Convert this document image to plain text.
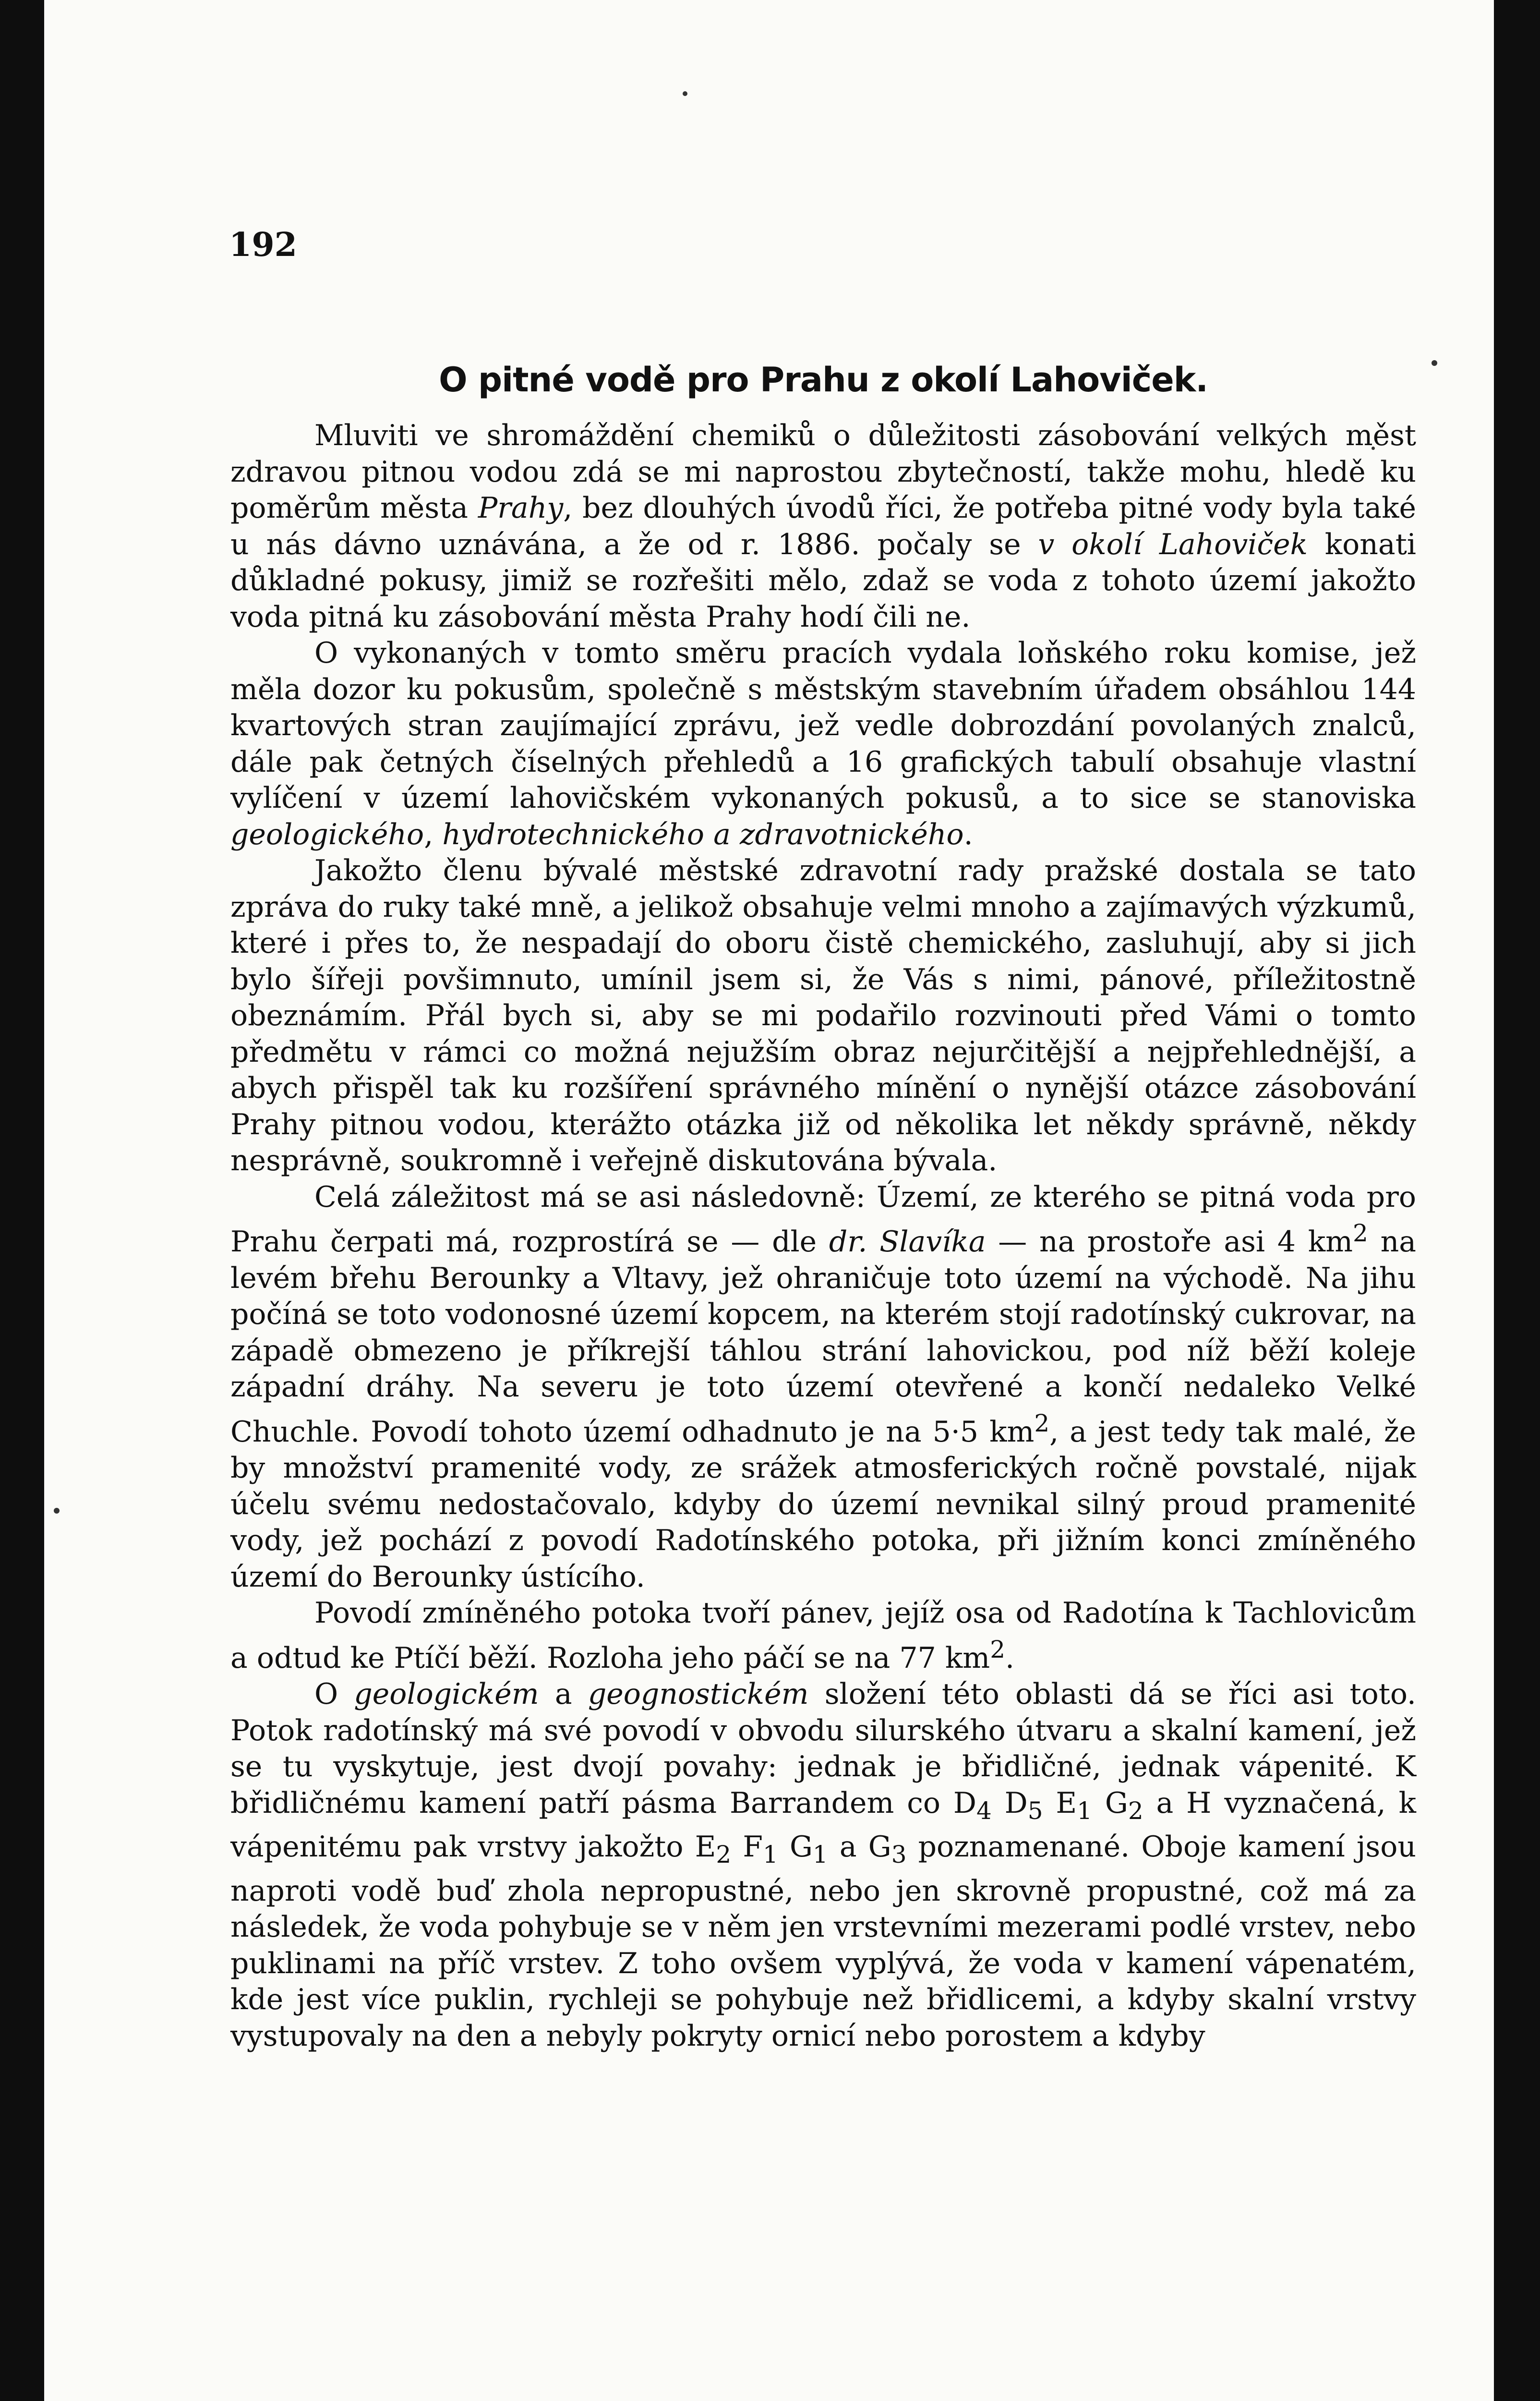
192
O pitné vodě pro Prahu z okolí Lahoviček.

Mluviti ve shromáždění chemiků o důležitosti zásobování velkých měst zdravou pitnou vodou zdá se mi naprostou zbytečností, takže mohu, hledě ku poměrům města Prahy, bez dlouhých úvodů říci, že potřeba pitné vody byla také u nás dávno uznávána, a že od r. 1886. počaly se v okolí Lahoviček konati důkladné pokusy, jimiž se rozřešiti mělo, zdaž se voda z tohoto území jakožto voda pitná ku zásobování města Prahy hodí čili ne.

O vykonaných v tomto směru pracích vydala loňského roku komise, jež měla dozor ku pokusům, společně s městským stavebním úřadem obsáhlou 144 kvartových stran zaujímající zprávu, jež vedle dobrozdání povolaných znalců, dále pak četných číselných přehledů a 16 grafických tabulí obsahuje vlastní vylíčení v území lahovičském vykonaných pokusů, a to sice se stanoviska geologického, hydrotechnického a zdravotnického.

Jakožto členu bývalé městské zdravotní rady pražské dostala se tato zpráva do ruky také mně, a jelikož obsahuje velmi mnoho a zajímavých výzkumů, které i přes to, že nespadají do oboru čistě chemického, zasluhují, aby si jich bylo šířeji povšimnuto, umínil jsem si, že Vás s nimi, pánové, příležitostně obeznámím. Přál bych si, aby se mi podařilo rozvinouti před Vámi o tomto předmětu v rámci co možná nejužším obraz nejurčitější a nejpřehlednější, a abych přispěl tak ku rozšíření správného mínění o nynější otázce zásobování Prahy pitnou vodou, kterážto otázka již od několika let někdy správně, někdy nesprávně, soukromně i veřejně diskutována bývala.

Celá záležitost má se asi následovně: Území, ze kterého se pitná voda pro Prahu čerpati má, rozprostírá se — dle dr. Slavíka — na prostoře asi 4 $km^2$ na levém břehu Berounky a Vltavy, jež ohraničuje toto území na východě. Na jihu počíná se toto vodonosné území kopcem, na kterém stojí radotínský cukrovar, na západě obmezeno je příkrejší táhlou strání lahovickou, pod níž běží koleje západní dráhy. Na severu je toto území otevřené a končí nedaleko Velké Chuchle. Povodí tohoto území odhadnuto je na 5·5 $km^2$, a jest tedy tak malé, že by množství pramenité vody, ze srážek atmosferických ročně povstalé, nijak účelu svému nedostačovalo, kdyby do území nevnikal silný proud pramenité vody, jež pochází z povodí Radotínského potoka, při jižním konci zmíněného území do Berounky ústícího.

Povodí zmíněného potoka tvoří pánev, jejíž osa od Radotína k Tachlovicům a odtud ke Ptíčí běží. Rozloha jeho páčí se na 77 $km^2$.

O geologickém a geognostickém složení této oblasti dá se říci asi toto. Potok radotínský má své povodí v obvodu silurského útvaru a skalní kamení, jež se tu vyskytuje, jest dvojí povahy: jednak je břidličné, jednak vápenité. K břidličnému kamení patří pásma Barrandem co $D_4$ $D_5$ $E_1$ $G_2$ a H vyznačená, k vápenitému pak vrstvy jakožto $E_2$ $F_1$ $G_1$ a $G_3$ poznamenané. Oboje kamení jsou naproti vodě buď zhola nepropustné, nebo jen skrovně propustné, což má za následek, že voda pohybuje se v něm jen vrstevními mezerami podlé vrstev, nebo puklinami na příč vrstev. Z toho ovšem vyplývá, že voda v kamení vápenatém, kde jest více puklin, rychleji se pohybuje než břidlicemi, a kdyby skalní vrstvy vystupovaly na den a nebyly pokryty ornicí nebo porostem a kdyby
